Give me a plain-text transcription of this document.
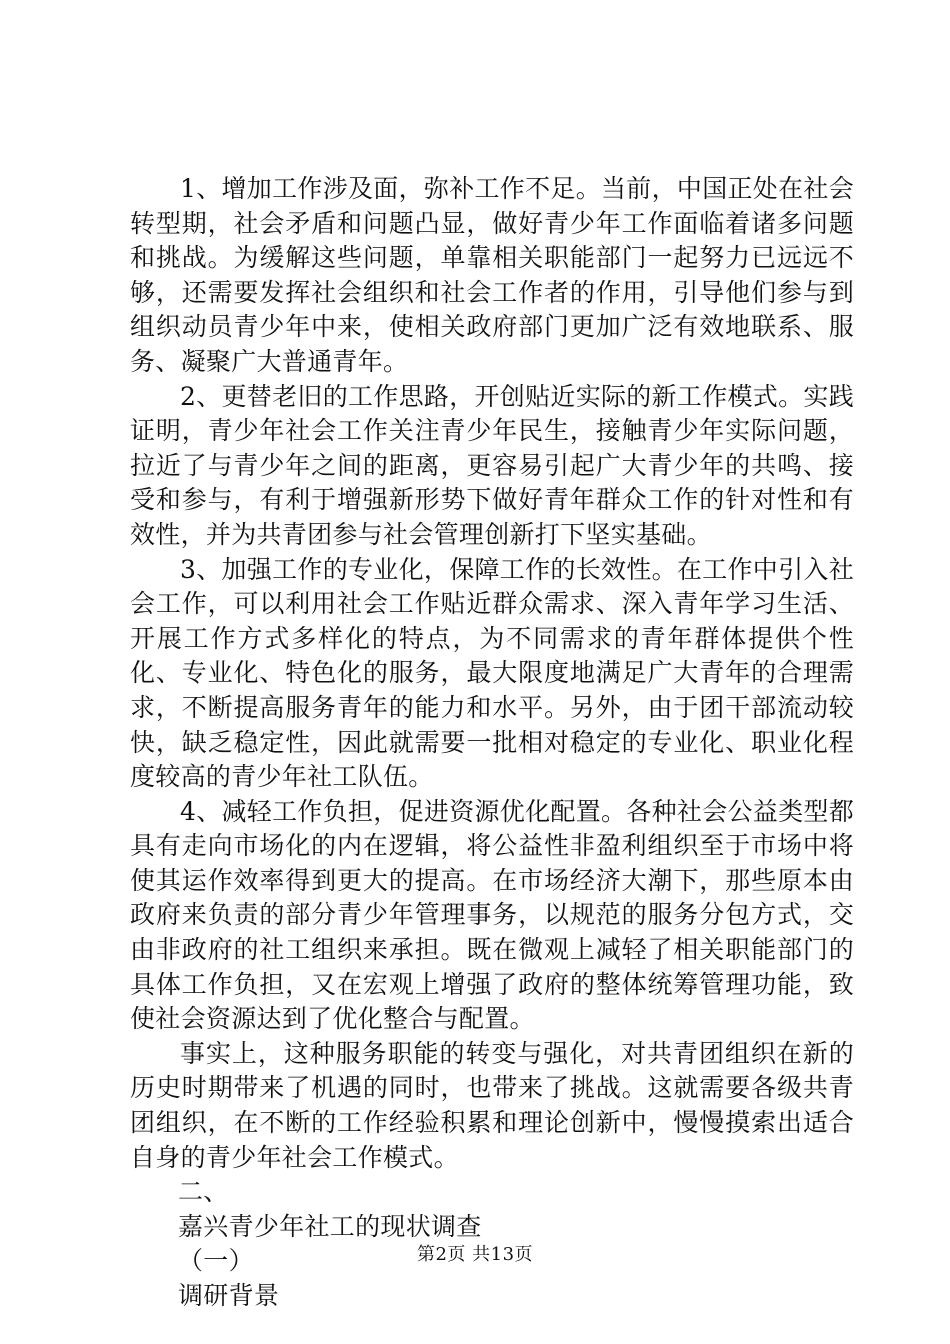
1、增加工作涉及面，弥补工作不足。当前，中国正处在社会转型期，社会矛盾和问题凸显，做好青少年工作面临着诸多问题和挑战。为缓解这些问题，单靠相关职能部门一起努力已远远不够，还需要发挥社会组织和社会工作者的作用，引导他们参与到组织动员青少年中来，使相关政府部门更加广泛有效地联系、服务、凝聚广大普通青年。

2、更替老旧的工作思路，开创贴近实际的新工作模式。实践证明，青少年社会工作关注青少年民生，接触青少年实际问题，拉近了与青少年之间的距离，更容易引起广大青少年的共鸣、接受和参与，有利于增强新形势下做好青年群众工作的针对性和有效性，并为共青团参与社会管理创新打下坚实基础。

3、加强工作的专业化，保障工作的长效性。在工作中引入社会工作，可以利用社会工作贴近群众需求、深入青年学习生活、开展工作方式多样化的特点，为不同需求的青年群体提供个性化、专业化、特色化的服务，最大限度地满足广大青年的合理需求，不断提高服务青年的能力和水平。另外，由于团干部流动较快，缺乏稳定性，因此就需要一批相对稳定的专业化、职业化程度较高的青少年社工队伍。

4、减轻工作负担，促进资源优化配置。各种社会公益类型都具有走向市场化的内在逻辑，将公益性非盈利组织至于市场中将使其运作效率得到更大的提高。在市场经济大潮下，那些原本由政府来负责的部分青少年管理事务，以规范的服务分包方式，交由非政府的社工组织来承担。既在微观上减轻了相关职能部门的具体工作负担，又在宏观上增强了政府的整体统筹管理功能，致使社会资源达到了优化整合与配置。

事实上，这种服务职能的转变与强化，对共青团组织在新的历史时期带来了机遇的同时，也带来了挑战。这就需要各级共青团组织，在不断的工作经验积累和理论创新中，慢慢摸索出适合自身的青少年社会工作模式。

二、

嘉兴青少年社工的现状调查

（一）

调研背景

第2页 共13页
